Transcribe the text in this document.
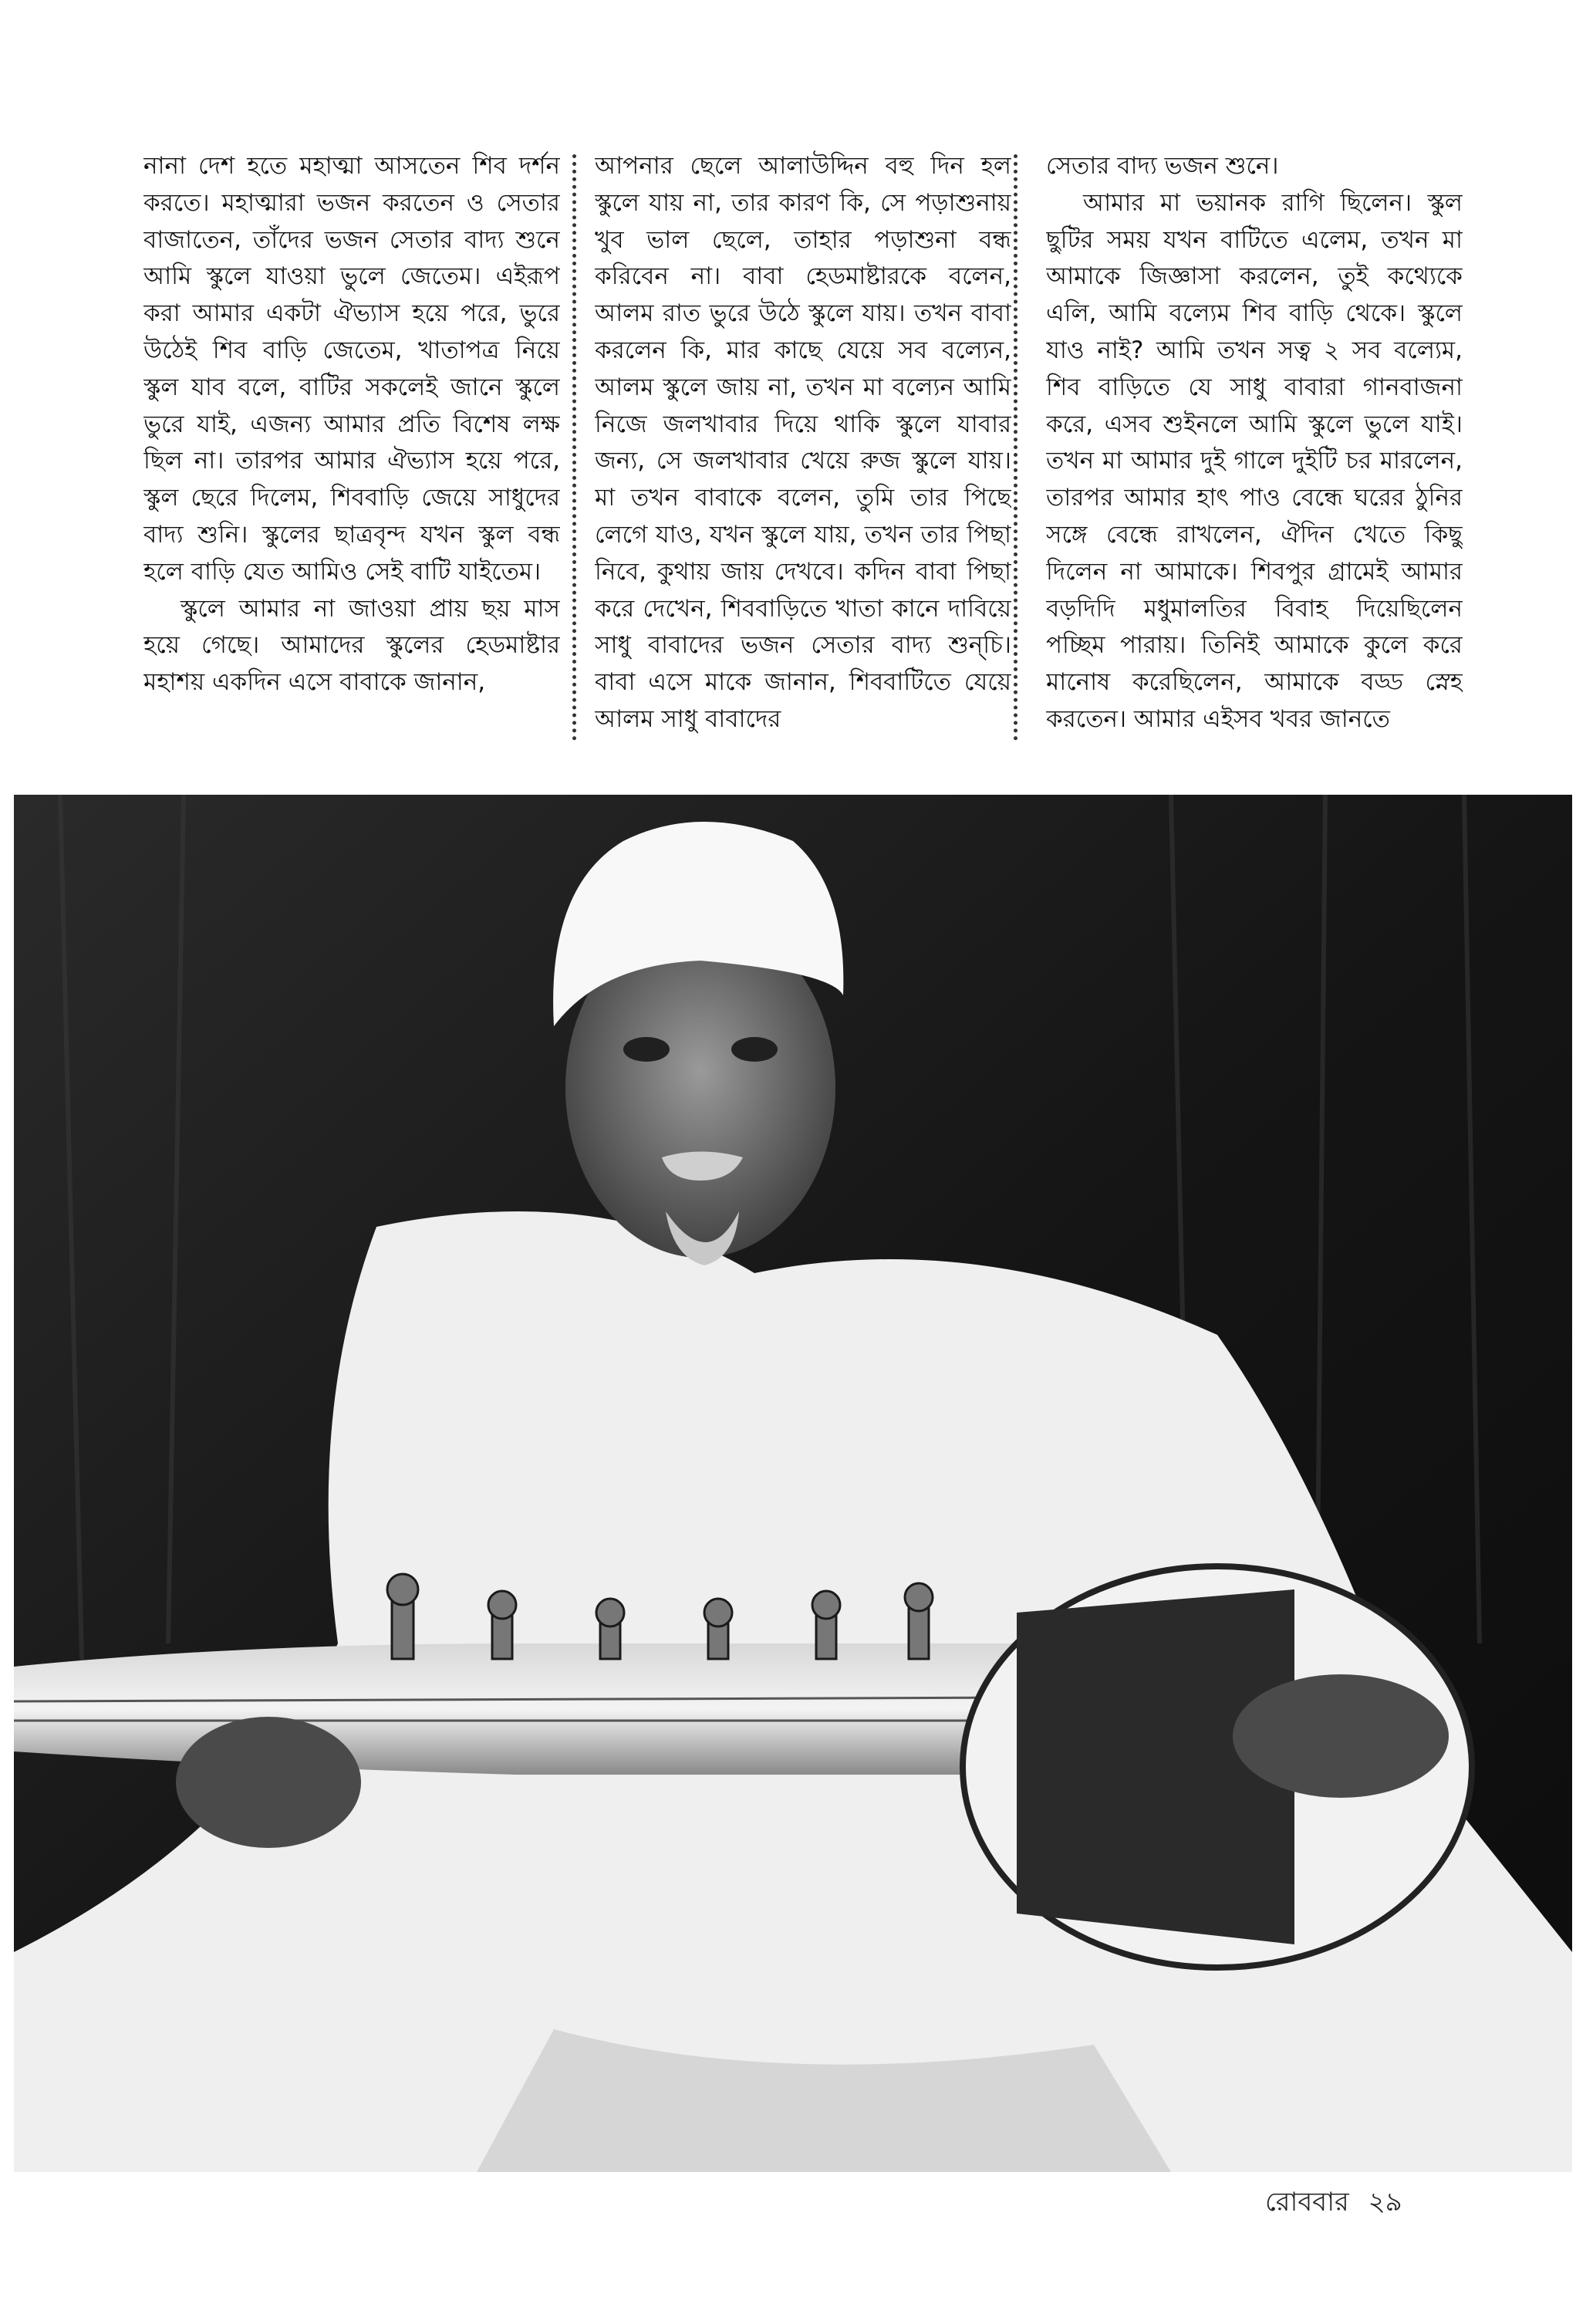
নানা দেশ হতে মহাত্মা আসতেন শিব দর্শন করতে। মহাত্মারা ভজন করতেন ও সেতার বাজাতেন, তাঁদের ভজন সেতার বাদ্য শুনে আমি স্কুলে যাওয়া ভুলে জেতেম। এইরূপ করা আমার একটা ঐভ্যাস হয়ে পরে, ভুরে উঠেই শিব বাড়ি জেতেম, খাতাপত্র নিয়ে স্কুল যাব বলে, বাটির সকলেই জানে স্কুলে ভুরে যাই, এজন্য আমার প্রতি বিশেষ লক্ষ ছিল না। তারপর আমার ঐভ্যাস হয়ে পরে, স্কুল ছেরে দিলেম, শিববাড়ি জেয়ে সাধুদের বাদ্য শুনি। স্কুলের ছাত্রবৃন্দ যখন স্কুল বন্ধ হলে বাড়ি যেত আমিও সেই বাটি যাইতেম।

স্কুলে আমার না জাওয়া প্রায় ছয় মাস হয়ে গেছে। আমাদের স্কুলের হেডমাষ্টার মহাশয় একদিন এসে বাবাকে জানান,

আপনার ছেলে আলাউদ্দিন বহু দিন হল স্কুলে যায় না, তার কারণ কি, সে পড়াশুনায় খুব ভাল ছেলে, তাহার পড়াশুনা বন্ধ করিবেন না। বাবা হেডমাষ্টারকে বলেন, আলম রাত ভুরে উঠে স্কুলে যায়। তখন বাবা করলেন কি, মার কাছে যেয়ে সব বল্যেন, আলম স্কুলে জায় না, তখন মা বল্যেন আমি নিজে জলখাবার দিয়ে থাকি স্কুলে যাবার জন্য, সে জলখাবার খেয়ে রুজ স্কুলে যায়। মা তখন বাবাকে বলেন, তুমি তার পিছে লেগে যাও, যখন স্কুলে যায়, তখন তার পিছা নিবে, কুথায় জায় দেখবে। কদিন বাবা পিছা করে দেখেন, শিববাড়িতে খাতা কানে দাবিয়ে সাধু বাবাদের ভজন সেতার বাদ্য শুন্‌চি। বাবা এসে মাকে জানান, শিববাটিতে যেয়ে আলম সাধু বাবাদের

সেতার বাদ্য ভজন শুনে।

আমার মা ভয়ানক রাগি ছিলেন। স্কুল ছুটির সময় যখন বাটিতে এলেম, তখন মা আমাকে জিজ্ঞাসা করলেন, তুই কথ্যেকে এলি, আমি বল্যেম শিব বাড়ি থেকে। স্কুলে যাও নাই? আমি তখন সত্ব ২ সব বল্যেম, শিব বাড়িতে যে সাধু বাবারা গানবাজনা করে, এসব শুইনলে আমি স্কুলে ভুলে যাই। তখন মা আমার দুই গালে দুইটি চর মারলেন, তারপর আমার হাৎ পাও বেন্ধে ঘরের ঠুনির সঙ্গে বেন্ধে রাখলেন, ঐদিন খেতে কিছু দিলেন না আমাকে। শিবপুর গ্রামেই আমার বড়দিদি মধুমালতির বিবাহ দিয়েছিলেন পচ্ছিম পারায়। তিনিই আমাকে কুলে করে মানোষ করেছিলেন, আমাকে বড্ড স্নেহ করতেন। আমার এইসব খবর জানতে

রোববার ২৯
